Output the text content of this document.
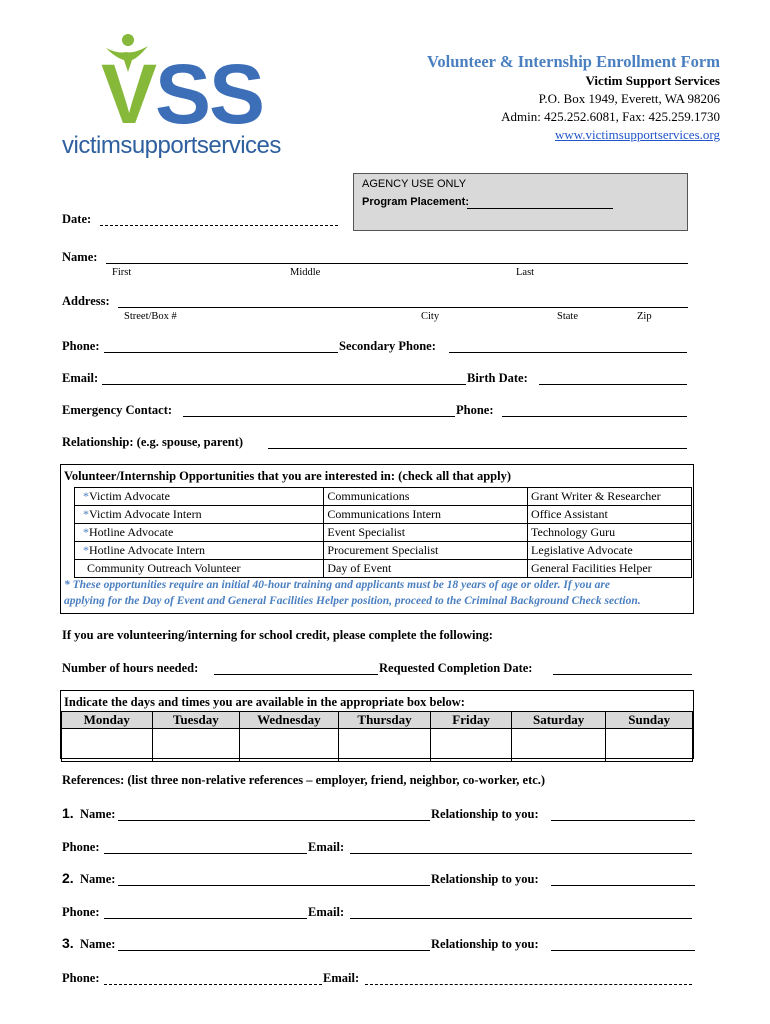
VSS
victimsupportservices
Volunteer & Internship Enrollment Form
Victim Support Services
P.O. Box 1949, Everett, WA 98206
Admin: 425.252.6081, Fax: 425.259.1730
www.victimsupportservices.org
AGENCY USE ONLY
Program Placement:
Date:
Name:
First	Middle	Last
Address:
Street/Box #	City	State	Zip
Phone:	Secondary Phone:
Email:	Birth Date:
Emergency Contact:	Phone:
Relationship: (e.g. spouse, parent)
Volunteer/Internship Opportunities that you are interested in: (check all that apply)
*Victim Advocate	Communications	Grant Writer & Researcher
*Victim Advocate Intern	Communications Intern	Office Assistant
*Hotline Advocate	Event Specialist	Technology Guru
*Hotline Advocate Intern	Procurement Specialist	Legislative Advocate
Community Outreach Volunteer	Day of Event	General Facilities Helper
* These opportunities require an initial 40-hour training and applicants must be 18 years of age or older. If you are
applying for the Day of Event and General Facilities Helper position, proceed to the Criminal Background Check section.
If you are volunteering/interning for school credit, please complete the following:
Number of hours needed:	Requested Completion Date:
Indicate the days and times you are available in the appropriate box below:
Monday	Tuesday	Wednesday	Thursday	Friday	Saturday	Sunday

References: (list three non-relative references – employer, friend, neighbor, co-worker, etc.)
1. Name:	Relationship to you:
Phone:	Email:
2. Name:	Relationship to you:
Phone:	Email:
3. Name:	Relationship to you:
Phone:	Email:
